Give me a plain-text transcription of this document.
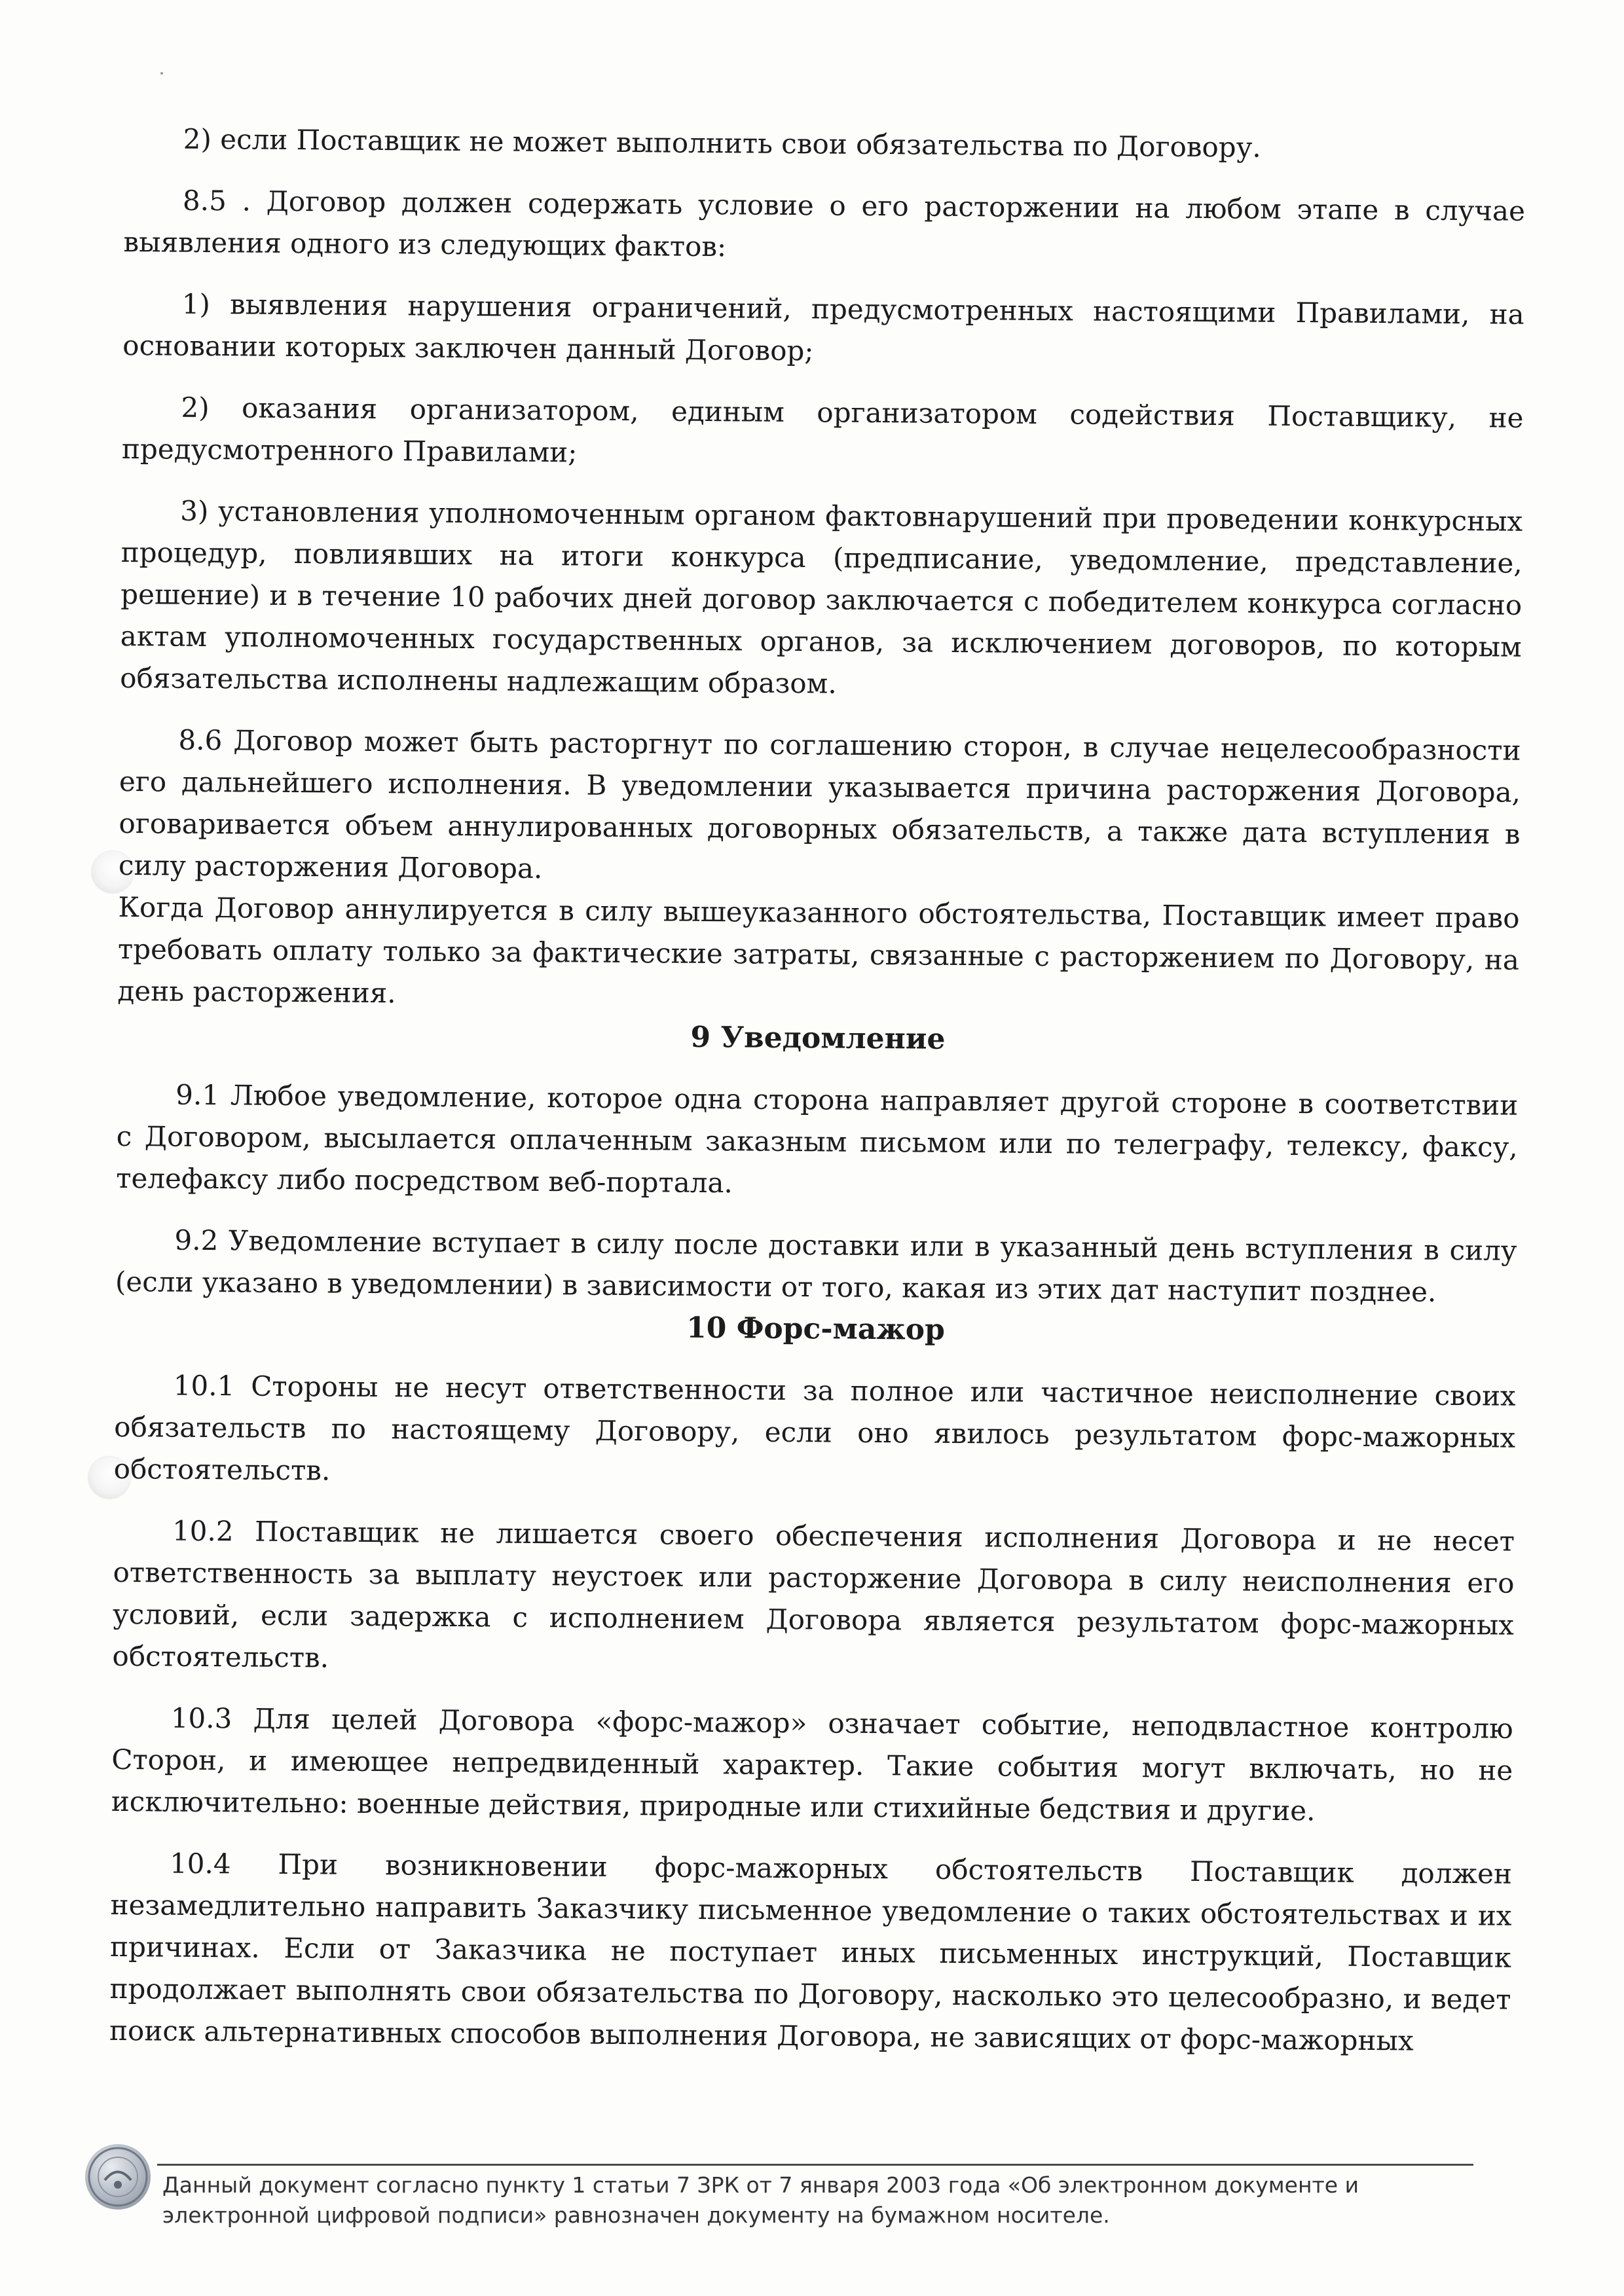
2) если Поставщик не может выполнить свои обязательства по Договору.

8.5 . Договор должен содержать условие о его расторжении на любом этапе в случае выявления одного из следующих фактов:

1) выявления нарушения ограничений, предусмотренных настоящими Правилами, на основании которых заключен данный Договор;

2) оказания организатором, единым организатором содействия Поставщику, не предусмотренного Правилами;

3) установления уполномоченным органом фактовнарушений при проведении конкурсных процедур, повлиявших на итоги конкурса (предписание, уведомление, представление, решение) и в течение 10 рабочих дней договор заключается с победителем конкурса согласно актам уполномоченных государственных органов, за исключением договоров, по которым обязательства исполнены надлежащим образом.

8.6 Договор может быть расторгнут по соглашению сторон, в случае нецелесообразности его дальнейшего исполнения. В уведомлении указывается причина расторжения Договора, оговаривается объем аннулированных договорных обязательств, а также дата вступления в силу расторжения Договора.

Когда Договор аннулируется в силу вышеуказанного обстоятельства, Поставщик имеет право требовать оплату только за фактические затраты, связанные с расторжением по Договору, на день расторжения.

9 Уведомление

9.1 Любое уведомление, которое одна сторона направляет другой стороне в соответствии с Договором, высылается оплаченным заказным письмом или по телеграфу, телексу, факсу, телефаксу либо посредством веб-портала.

9.2 Уведомление вступает в силу после доставки или в указанный день вступления в силу (если указано в уведомлении) в зависимости от того, какая из этих дат наступит позднее.

10 Форс-мажор

10.1 Стороны не несут ответственности за полное или частичное неисполнение своих обязательств по настоящему Договору, если оно явилось результатом форс-мажорных обстоятельств.

10.2 Поставщик не лишается своего обеспечения исполнения Договора и не несет ответственность за выплату неустоек или расторжение Договора в силу неисполнения его условий, если задержка с исполнением Договора является результатом форс-мажорных обстоятельств.

10.3 Для целей Договора «форс-мажор» означает событие, неподвластное контролю Сторон, и имеющее непредвиденный характер. Такие события могут включать, но не исключительно: военные действия, природные или стихийные бедствия и другие.

10.4 При возникновении форс-мажорных обстоятельств Поставщик должен незамедлительно направить Заказчику письменное уведомление о таких обстоятельствах и их причинах. Если от Заказчика не поступает иных письменных инструкций, Поставщик продолжает выполнять свои обязательства по Договору, насколько это целесообразно, и ведет поиск альтернативных способов выполнения Договора, не зависящих от форс-мажорных

Данный документ согласно пункту 1 статьи 7 ЗРК от 7 января 2003 года «Об электронном документе и электронной цифровой подписи» равнозначен документу на бумажном носителе.
